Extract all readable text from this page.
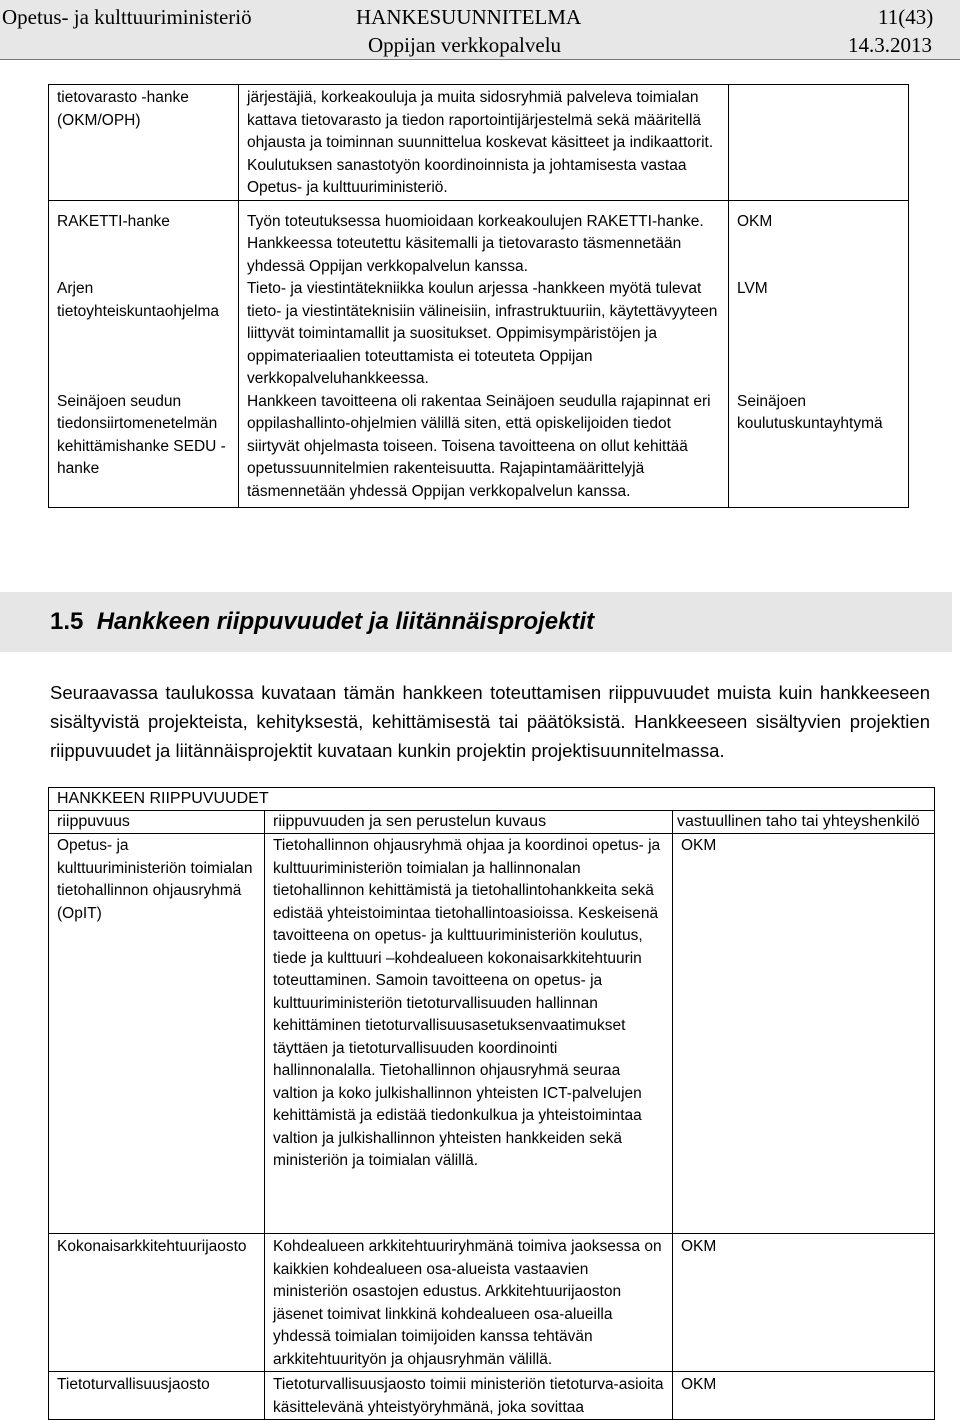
Opetus- ja kulttuuriministeriö	HANKESUUNNITELMA	11(43)
Oppijan verkkopalvelu	14.3.2013
tietovarasto -hanke (OKM/OPH)	järjestäjiä, korkeakouluja ja muita sidosryhmiä palveleva toimialan kattava tietovarasto ja tiedon raportointijärjestelmä sekä määritellä ohjausta ja toiminnan suunnittelua koskevat käsitteet ja indikaattorit. Koulutuksen sanastotyön koordinoinnista ja johtamisesta vastaa Opetus- ja kulttuuriministeriö.	
RAKETTI-hanke	Työn toteutuksessa huomioidaan korkeakoulujen RAKETTI-hanke. Hankkeessa toteutettu käsitemalli ja tietovarasto täsmennetään yhdessä Oppijan verkkopalvelun kanssa.	OKM
Arjen tietoyhteiskuntaohjelma	Tieto- ja viestintätekniikka koulun arjessa -hankkeen myötä tulevat tieto- ja viestintäteknisiin välineisiin, infrastruktuuriin, käytettävyyteen liittyvät toimintamallit ja suositukset. Oppimisympäristöjen ja oppimateriaalien toteuttamista ei toteuteta Oppijan verkkopalveluhankkeessa.	LVM
Seinäjoen seudun tiedonsiirtomenetelmän kehittämishanke SEDU -hanke	Hankkeen tavoitteena oli rakentaa Seinäjoen seudulla rajapinnat eri oppilashallinto-ohjelmien välillä siten, että opiskelijoiden tiedot siirtyvät ohjelmasta toiseen. Toisena tavoitteena on ollut kehittää opetussuunnitelmien rakenteisuutta. Rajapintamäärittelyjä täsmennetään yhdessä Oppijan verkkopalvelun kanssa.	Seinäjoen koulutuskuntayhtymä
1.5 Hankkeen riippuvuudet ja liitännäisprojektit
Seuraavassa taulukossa kuvataan tämän hankkeen toteuttamisen riippuvuudet muista kuin hankkeeseen sisältyvistä projekteista, kehityksestä, kehittämisestä tai päätöksistä. Hankkeeseen sisältyvien projektien riippuvuudet ja liitännäisprojektit kuvataan kunkin projektin projektisuunnitelmassa.
HANKKEEN RIIPPUVUUDET		
riippuvuus	riippuvuuden ja sen perustelun kuvaus	vastuullinen taho tai yhteyshenkilö
Opetus- ja kulttuuriministeriön toimialan tietohallinnon ohjausryhmä (OpIT)	Tietohallinnon ohjausryhmä ohjaa ja koordinoi opetus- ja kulttuuriministeriön toimialan ja hallinnonalan tietohallinnon kehittämistä ja tietohallintohankkeita sekä edistää yhteistoimintaa tietohallintoasioissa. Keskeisenä tavoitteena on opetus- ja kulttuuriministeriön koulutus, tiede ja kulttuuri –kohdealueen kokonaisarkkitehtuurin toteuttaminen. Samoin tavoitteena on opetus- ja kulttuuriministeriön tietoturvallisuuden hallinnan kehittäminen tietoturvallisuusasetuksenvaatimukset täyttäen ja tietoturvallisuuden koordinointi hallinnonalalla. Tietohallinnon ohjausryhmä seuraa valtion ja koko julkishallinnon yhteisten ICT-palvelujen kehittämistä ja edistää tiedonkulkua ja yhteistoimintaa valtion ja julkishallinnon yhteisten hankkeiden sekä ministeriön ja toimialan välillä.	OKM
Kokonaisarkkitehtuurijaosto	Kohdealueen arkkitehtuuriryhmänä toimiva jaoksessa on kaikkien kohdealueen osa-alueista vastaavien ministeriön osastojen edustus. Arkkitehtuurijaoston jäsenet toimivat linkkinä kohdealueen osa-alueilla yhdessä toimialan toimijoiden kanssa tehtävän arkkitehtuurityön ja ohjausryhmän välillä.	OKM
Tietoturvallisuusjaosto	Tietoturvallisuusjaosto toimii ministeriön tietoturva-asioita käsittelevänä yhteistyöryhmänä, joka sovittaa	OKM
